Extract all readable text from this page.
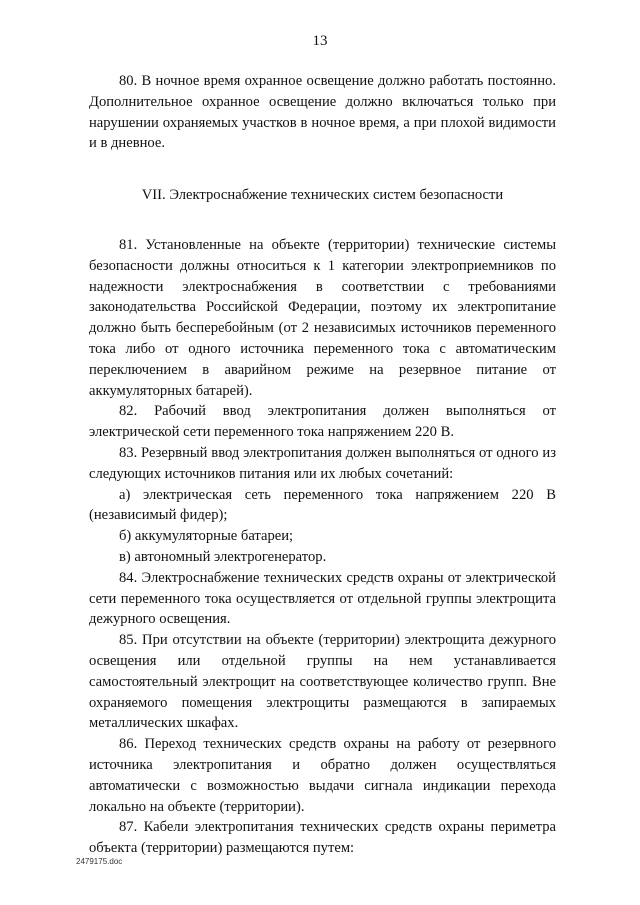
13

80. В ночное время охранное освещение должно работать постоянно. Дополнительное охранное освещение должно включаться только при нарушении охраняемых участков в ночное время, а при плохой видимости и в дневное.

VII. Электроснабжение технических систем безопасности

81. Установленные на объекте (территории) технические системы безопасности должны относиться к 1 категории электроприемников по надежности электроснабжения в соответствии с требованиями законодательства Российской Федерации, поэтому их электропитание должно быть бесперебойным (от 2 независимых источников переменного тока либо от одного источника переменного тока с автоматическим переключением в аварийном режиме на резервное питание от аккумуляторных батарей).

82. Рабочий ввод электропитания должен выполняться от электрической сети переменного тока напряжением 220 В.

83. Резервный ввод электропитания должен выполняться от одного из следующих источников питания или их любых сочетаний:

а) электрическая сеть переменного тока напряжением 220 В (независимый фидер);

б) аккумуляторные батареи;

в) автономный электрогенератор.

84. Электроснабжение технических средств охраны от электрической сети переменного тока осуществляется от отдельной группы электрощита дежурного освещения.

85. При отсутствии на объекте (территории) электрощита дежурного освещения или отдельной группы на нем устанавливается самостоятельный электрощит на соответствующее количество групп. Вне охраняемого помещения электрощиты размещаются в запираемых металлических шкафах.

86. Переход технических средств охраны на работу от резервного источника электропитания и обратно должен осуществляться автоматически с возможностью выдачи сигнала индикации перехода локально на объекте (территории).

87. Кабели электропитания технических средств охраны периметра объекта (территории) размещаются путем:

2479175.doc
